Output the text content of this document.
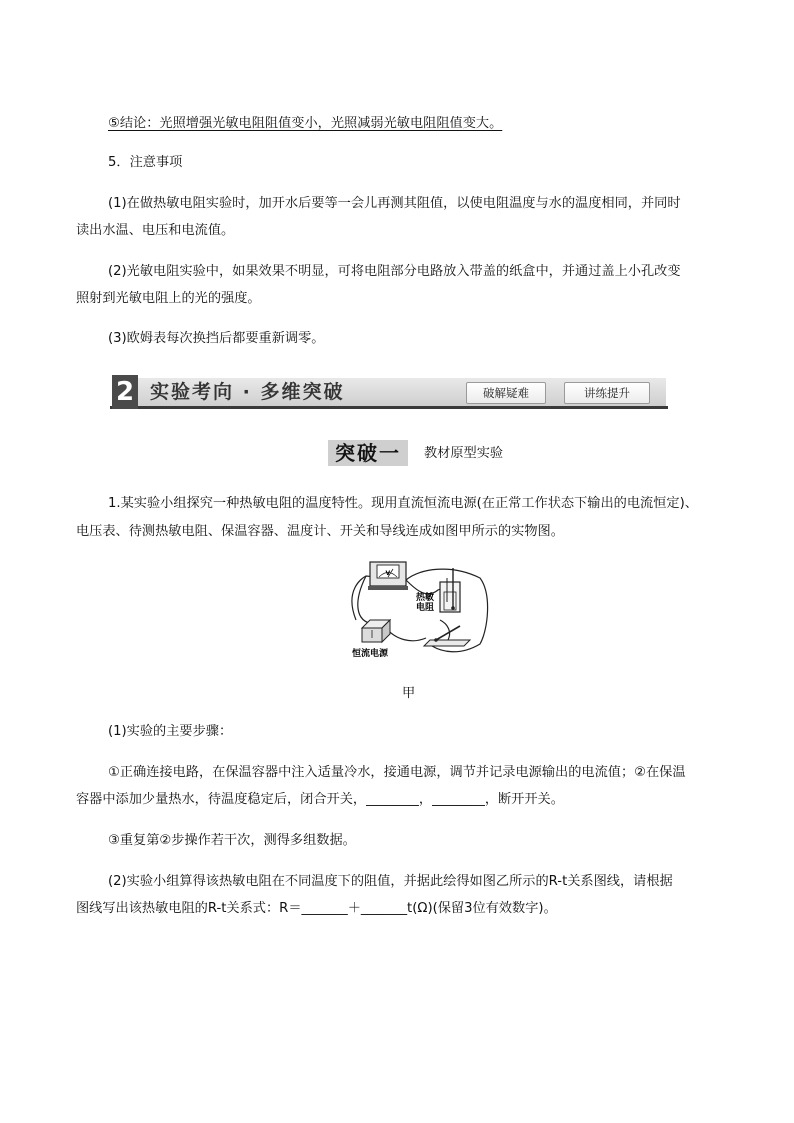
⑤结论：光照增强光敏电阻阻值变小，光照减弱光敏电阻阻值变大。
5．注意事项
(1)在做热敏电阻实验时，加开水后要等一会儿再测其阻值，以使电阻温度与水的温度相同，并同时
读出水温、电压和电流值。
(2)光敏电阻实验中，如果效果不明显，可将电阻部分电路放入带盖的纸盒中，并通过盖上小孔改变
照射到光敏电阻上的光的强度。
(3)欧姆表每次换挡后都要重新调零。
2 实验考向 · 多维突破	破解疑难	讲练提升
突破一	教材原型实验
1.某实验小组探究一种热敏电阻的温度特性。现用直流恒流电源(在正常工作状态下输出的电流恒定)、
电压表、待测热敏电阻、保温容器、温度计、开关和导线连成如图甲所示的实物图。
V
热敏
电阻
恒流电源
甲
(1)实验的主要步骤：
①正确连接电路，在保温容器中注入适量冷水，接通电源，调节并记录电源输出的电流值；②在保温
容器中添加少量热水，待温度稳定后，闭合开关，________，________，断开开关。
③重复第②步操作若干次，测得多组数据。
(2)实验小组算得该热敏电阻在不同温度下的阻值，并据此绘得如图乙所示的R-t关系图线，请根据
图线写出该热敏电阻的R-t关系式：R＝_______＋_______t(Ω)(保留3位有效数字)。
